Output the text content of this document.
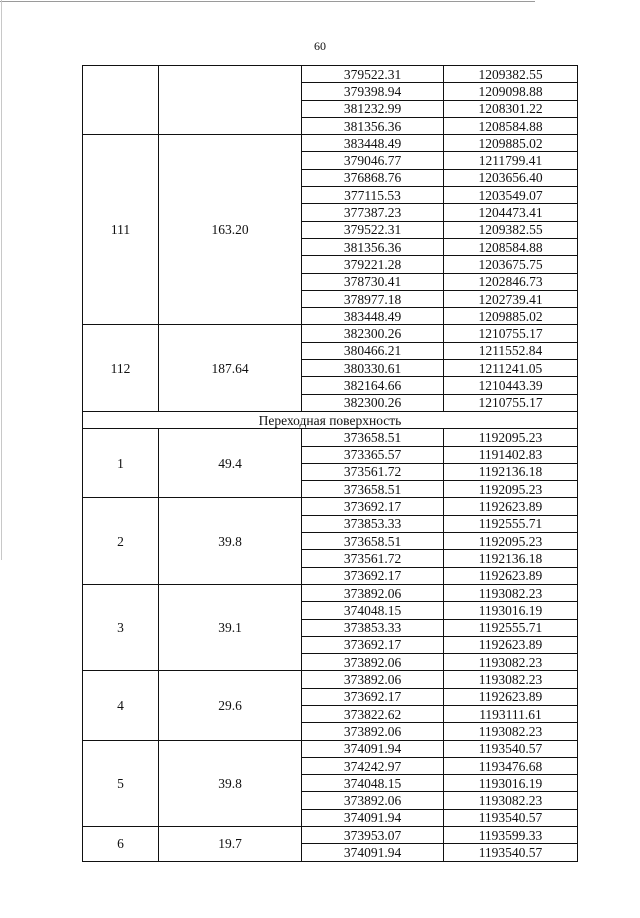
60
		379522.31	1209382.55
		379398.94	1209098.88
		381232.99	1208301.22
		381356.36	1208584.88
111	163.20	383448.49	1209885.02
		379046.77	1211799.41
		376868.76	1203656.40
		377115.53	1203549.07
		377387.23	1204473.41
		379522.31	1209382.55
		381356.36	1208584.88
		379221.28	1203675.75
		378730.41	1202846.73
		378977.18	1202739.41
		383448.49	1209885.02
112	187.64	382300.26	1210755.17
		380466.21	1211552.84
		380330.61	1211241.05
		382164.66	1210443.39
		382300.26	1210755.17
Переходная поверхность			
1	49.4	373658.51	1192095.23
		373365.57	1191402.83
		373561.72	1192136.18
		373658.51	1192095.23
2	39.8	373692.17	1192623.89
		373853.33	1192555.71
		373658.51	1192095.23
		373561.72	1192136.18
		373692.17	1192623.89
3	39.1	373892.06	1193082.23
		374048.15	1193016.19
		373853.33	1192555.71
		373692.17	1192623.89
		373892.06	1193082.23
4	29.6	373892.06	1193082.23
		373692.17	1192623.89
		373822.62	1193111.61
		373892.06	1193082.23
5	39.8	374091.94	1193540.57
		374242.97	1193476.68
		374048.15	1193016.19
		373892.06	1193082.23
		374091.94	1193540.57
6	19.7	373953.07	1193599.33
		374091.94	1193540.57
